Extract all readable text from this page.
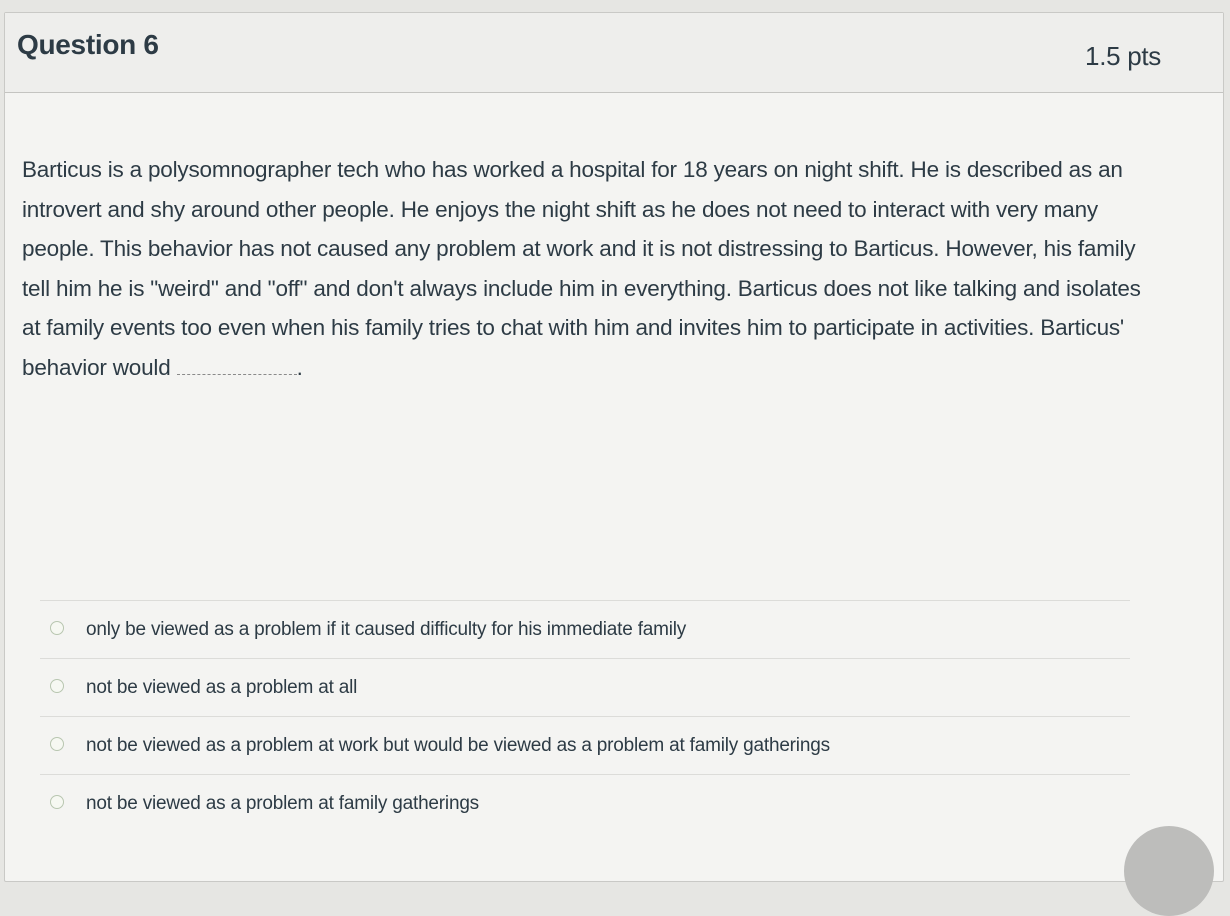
Question 6	1.5 pts
Barticus is a polysomnographer tech who has worked a hospital for 18 years on night shift. He is described as an introvert and shy around other people. He enjoys the night shift as he does not need to interact with very many people. This behavior has not caused any problem at work and it is not distressing to Barticus. However, his family tell him he is "weird" and "off" and don't always include him in everything. Barticus does not like talking and isolates at family events too even when his family tries to chat with him and invites him to participate in activities. Barticus' behavior would	.
only be viewed as a problem if it caused difficulty for his immediate family
not be viewed as a problem at all
not be viewed as a problem at work but would be viewed as a problem at family gatherings
not be viewed as a problem at family gatherings
